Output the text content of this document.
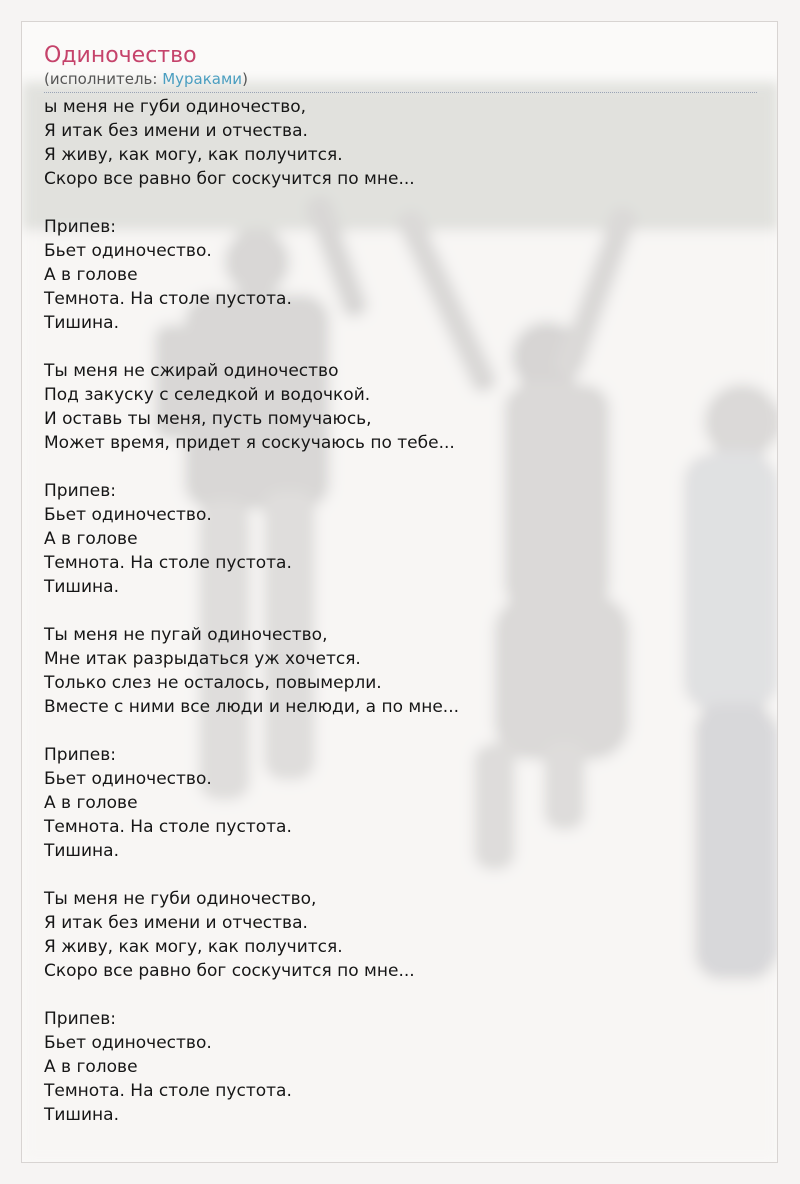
Одиночество
(исполнитель: Мураками)
ы меня не губи одиночество,
Я итак без имени и отчества.
Я живу, как могу, как получится.
Скоро все равно бог соскучится по мне...
Припев:
Бьет одиночество.
А в голове
Темнота. На столе пустота.
Тишина.
Ты меня не сжирай одиночество
Под закуску с селедкой и водочкой.
И оставь ты меня, пусть помучаюсь,
Может время, придет я соскучаюсь по тебе...
Припев:
Бьет одиночество.
А в голове
Темнота. На столе пустота.
Тишина.
Ты меня не пугай одиночество,
Мне итак разрыдаться уж хочется.
Только слез не осталось, повымерли.
Вместе с ними все люди и нелюди, а по мне...
Припев:
Бьет одиночество.
А в голове
Темнота. На столе пустота.
Тишина.
Ты меня не губи одиночество,
Я итак без имени и отчества.
Я живу, как могу, как получится.
Скоро все равно бог соскучится по мне...
Припев:
Бьет одиночество.
А в голове
Темнота. На столе пустота.
Тишина.
